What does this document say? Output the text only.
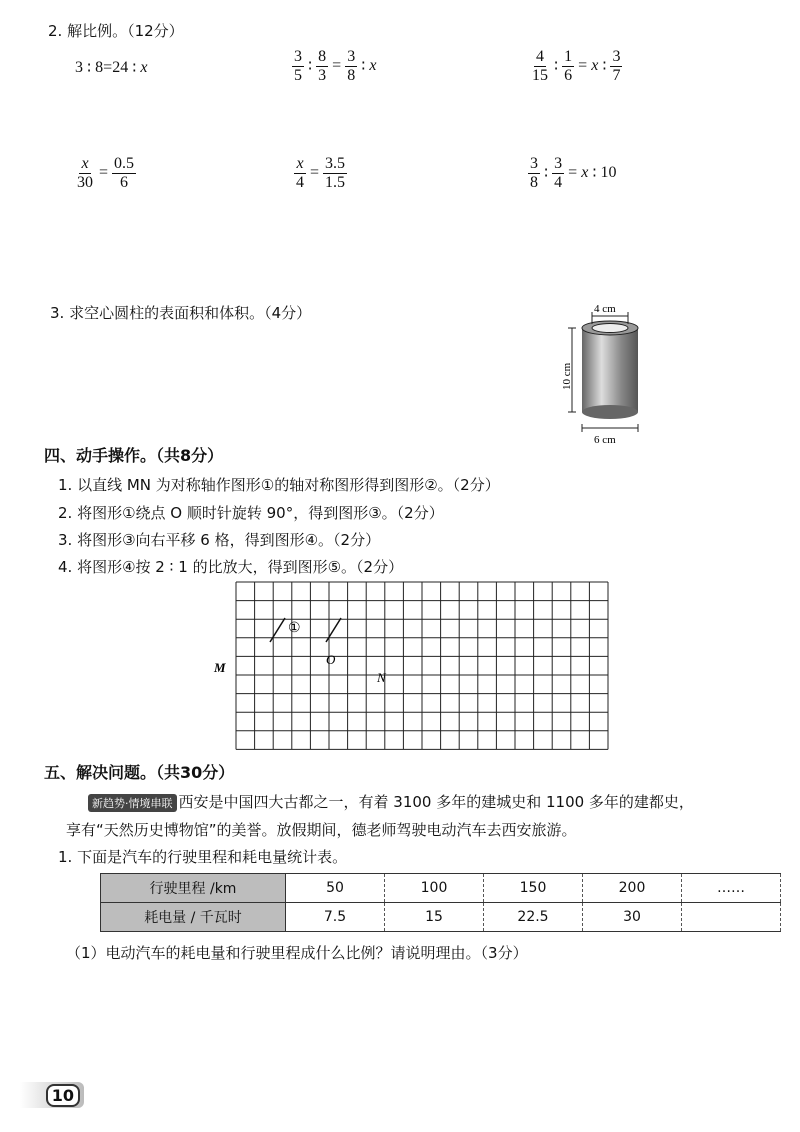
2. 解比例。（12分）
3 ∶ 8=24 ∶ x	$\frac{3}{5}$ ∶ $\frac{8}{3} = \frac{3}{8}$ ∶ x	$\frac{4}{15}$ ∶ $\frac{1}{6} = x$ ∶ $\frac{3}{7}$
$\frac{x}{30} = \frac{0.5}{6}$	$\frac{x}{4} = \frac{3.5}{1.5}$	$\frac{3}{8}$ ∶ $\frac{3}{4} = x$ ∶ 10
3. 求空心圆柱的表面积和体积。（4分）	4 cm
10 cm
6 cm
四、动手操作。（共8分）
1. 以直线 MN 为对称轴作图形①的轴对称图形得到图形②。（2分）
2. 将图形①绕点 O 顺时针旋转 90°，得到图形③。（2分）
3. 将图形③向右平移 6 格，得到图形④。（2分）
4. 将图形④按 2 ∶ 1 的比放大，得到图形⑤。（2分）
①
O
M
N
五、解决问题。（共30分）
新趋势·情境串联 西安是中国四大古都之一，有着 3100 多年的建城史和 1100 多年的建都史，
享有“天然历史博物馆”的美誉。放假期间，德老师驾驶电动汽车去西安旅游。
1. 下面是汽车的行驶里程和耗电量统计表。
行驶里程 /km	50	100	150	200	……
耗电量 / 千瓦时	7.5	15	22.5	30	
（1）电动汽车的耗电量和行驶里程成什么比例？请说明理由。（3分）
10
